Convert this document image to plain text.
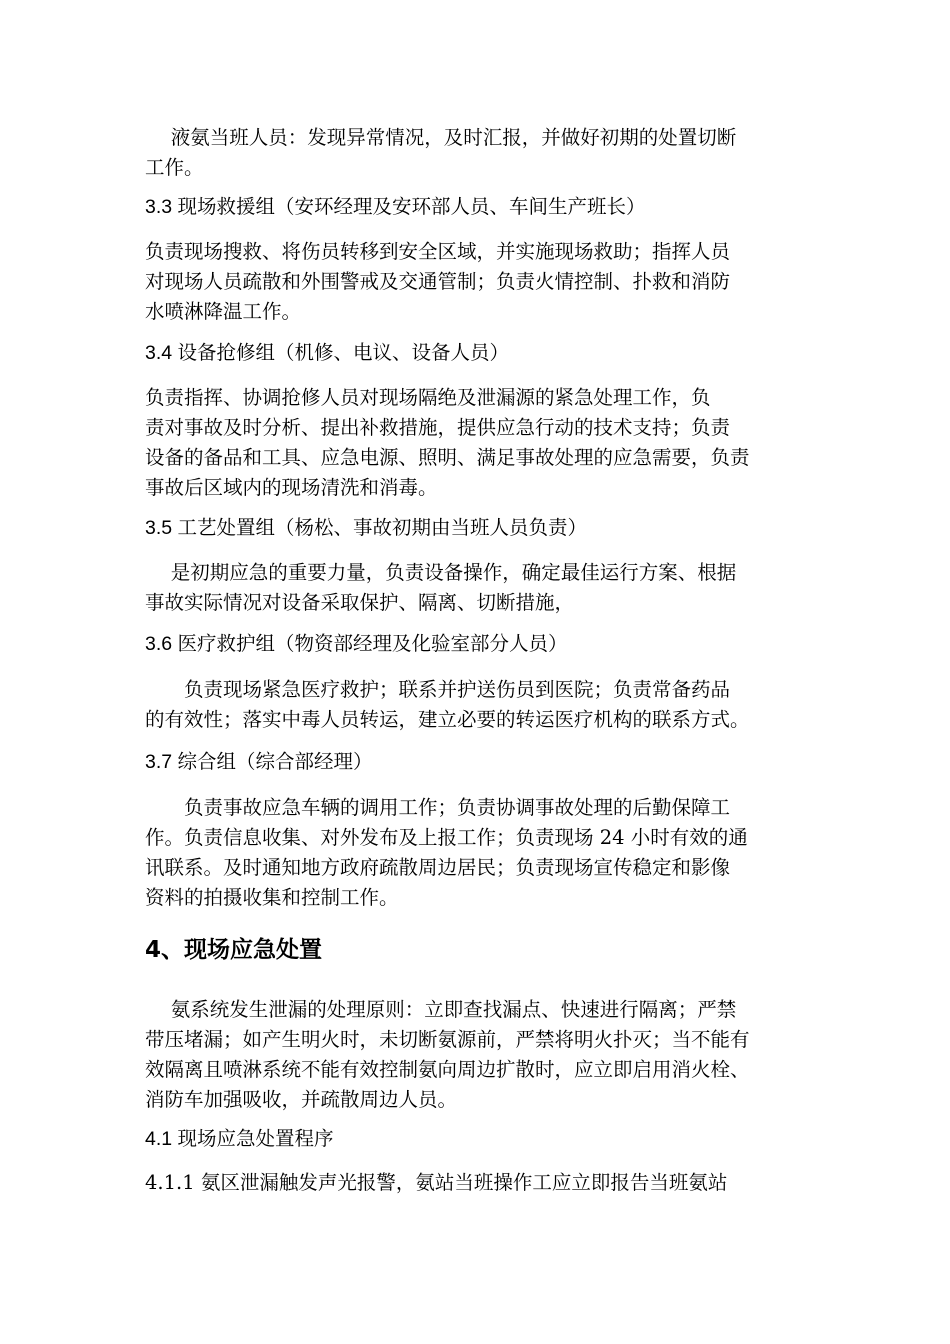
　 液氨当班人员：发现异常情况，及时汇报，并做好初期的处置切断
工作。
3.3 现场救援组（安环经理及安环部人员、车间生产班长）
负责现场搜救、将伤员转移到安全区域，并实施现场救助；指挥人员
对现场人员疏散和外围警戒及交通管制；负责火情控制、扑救和消防
水喷淋降温工作。
3.4 设备抢修组（机修、电议、设备人员）
负责指挥、协调抢修人员对现场隔绝及泄漏源的紧急处理工作，负
责对事故及时分析、提出补救措施，提供应急行动的技术支持；负责
设备的备品和工具、应急电源、照明、满足事故处理的应急需要，负责
事故后区域内的现场清洗和消毒。
3.5 工艺处置组（杨松、事故初期由当班人员负责）
　 是初期应急的重要力量，负责设备操作，确定最佳运行方案、根据
事故实际情况对设备采取保护、隔离、切断措施，
3.6 医疗救护组（物资部经理及化验室部分人员）
　　负责现场紧急医疗救护；联系并护送伤员到医院；负责常备药品
的有效性；落实中毒人员转运，建立必要的转运医疗机构的联系方式。
3.7 综合组（综合部经理）
　　负责事故应急车辆的调用工作；负责协调事故处理的后勤保障工
作。负责信息收集、对外发布及上报工作；负责现场 24 小时有效的通
讯联系。及时通知地方政府疏散周边居民；负责现场宣传稳定和影像
资料的拍摄收集和控制工作。
4、现场应急处置
　 氨系统发生泄漏的处理原则：立即查找漏点、快速进行隔离；严禁
带压堵漏；如产生明火时，未切断氨源前，严禁将明火扑灭；当不能有
效隔离且喷淋系统不能有效控制氨向周边扩散时，应立即启用消火栓、
消防车加强吸收，并疏散周边人员。
4.1 现场应急处置程序
4.1.1 氨区泄漏触发声光报警，氨站当班操作工应立即报告当班氨站
